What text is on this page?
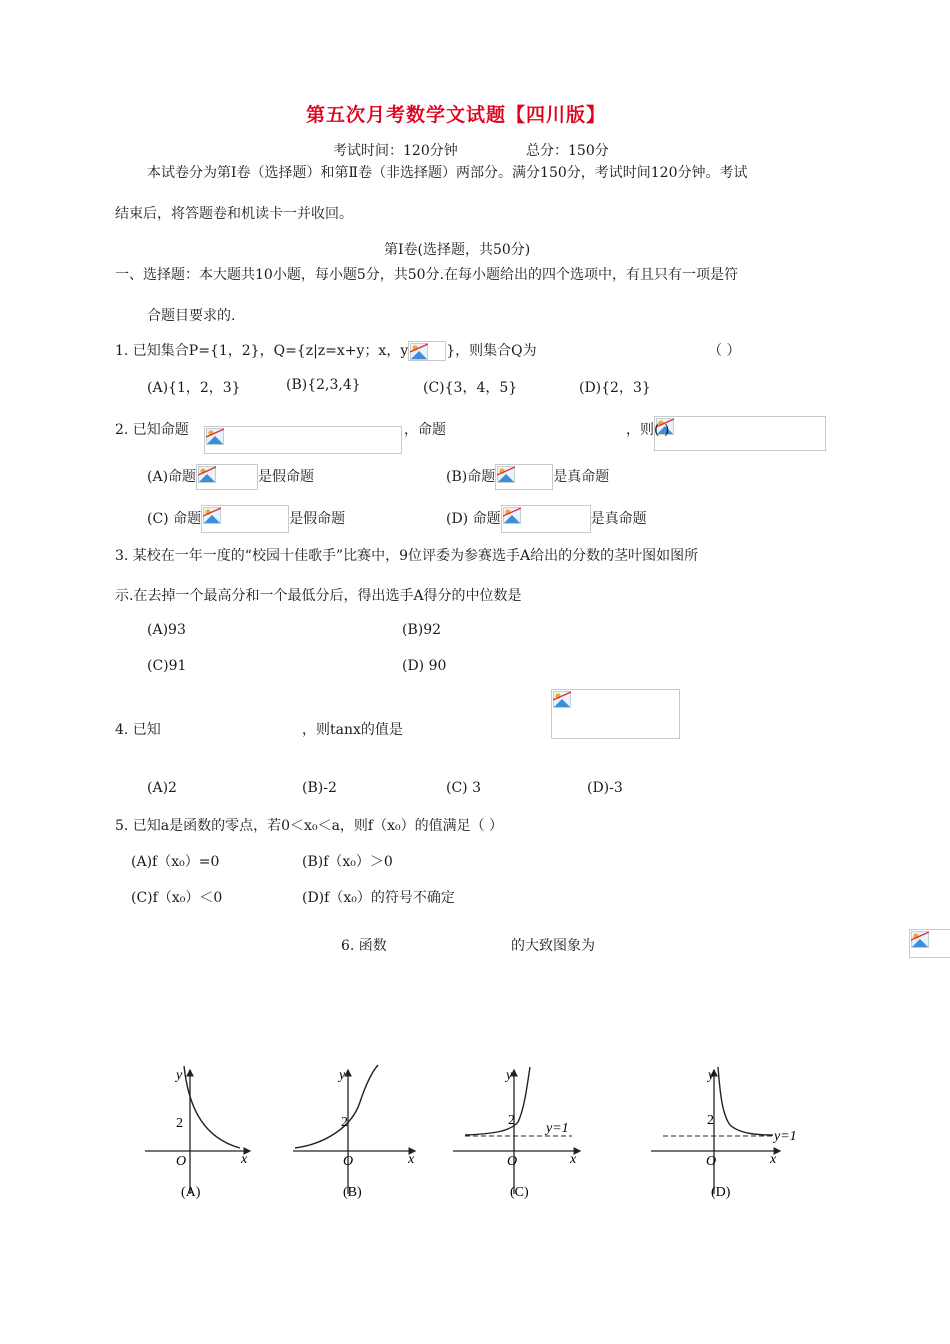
第五次月考数学文试题【四川版】
考试时间：120分钟	总分：150分
本试卷分为第Ⅰ卷（选择题）和第Ⅱ卷（非选择题）两部分。满分150分，考试时间120分钟。考试
结束后，将答题卷和机读卡一并收回。
第Ⅰ卷(选择题，共50分)
一、选择题：本大题共10小题，每小题5分，共50分.在每小题给出的四个选项中，有且只有一项是符
合题目要求的.
1. 已知集合P={1，2}，Q={z|z=x+y；x，y	}，则集合Q为	（ ）
(A){1，2，3}	(B){2,3,4}	(C){3，4，5}	(D){2，3}
2. 已知命题
	，命题
	，则( )
(A)命题	是假命题	(B)命题	是真命题
(C) 命题	是假命题	(D) 命题	是真命题
3. 某校在一年一度的“校园十佳歌手”比赛中，9位评委为参赛选手A给出的分数的茎叶图如图所
示.在去掉一个最高分和一个最低分后，得出选手A得分的中位数是
(A)93	(B)92
(C)91	(D) 90
4. 已知
	，则tanx的值是
(A)2	(B)-2	(C) 3	(D)-3
5. 已知a是函数的零点，若0＜x₀＜a，则f（x₀）的值满足（ ）
(A)f（x₀）=0	(B)f（x₀）＞0
(C)f（x₀）＜0	(D)f（x₀）的符号不确定
6. 函数	的大致图象为
y
x
O
2
(A)
y
x
O
2
(B)
y
x
O
2
y=1
(C)
y
x
O
2
y=1
(D)
